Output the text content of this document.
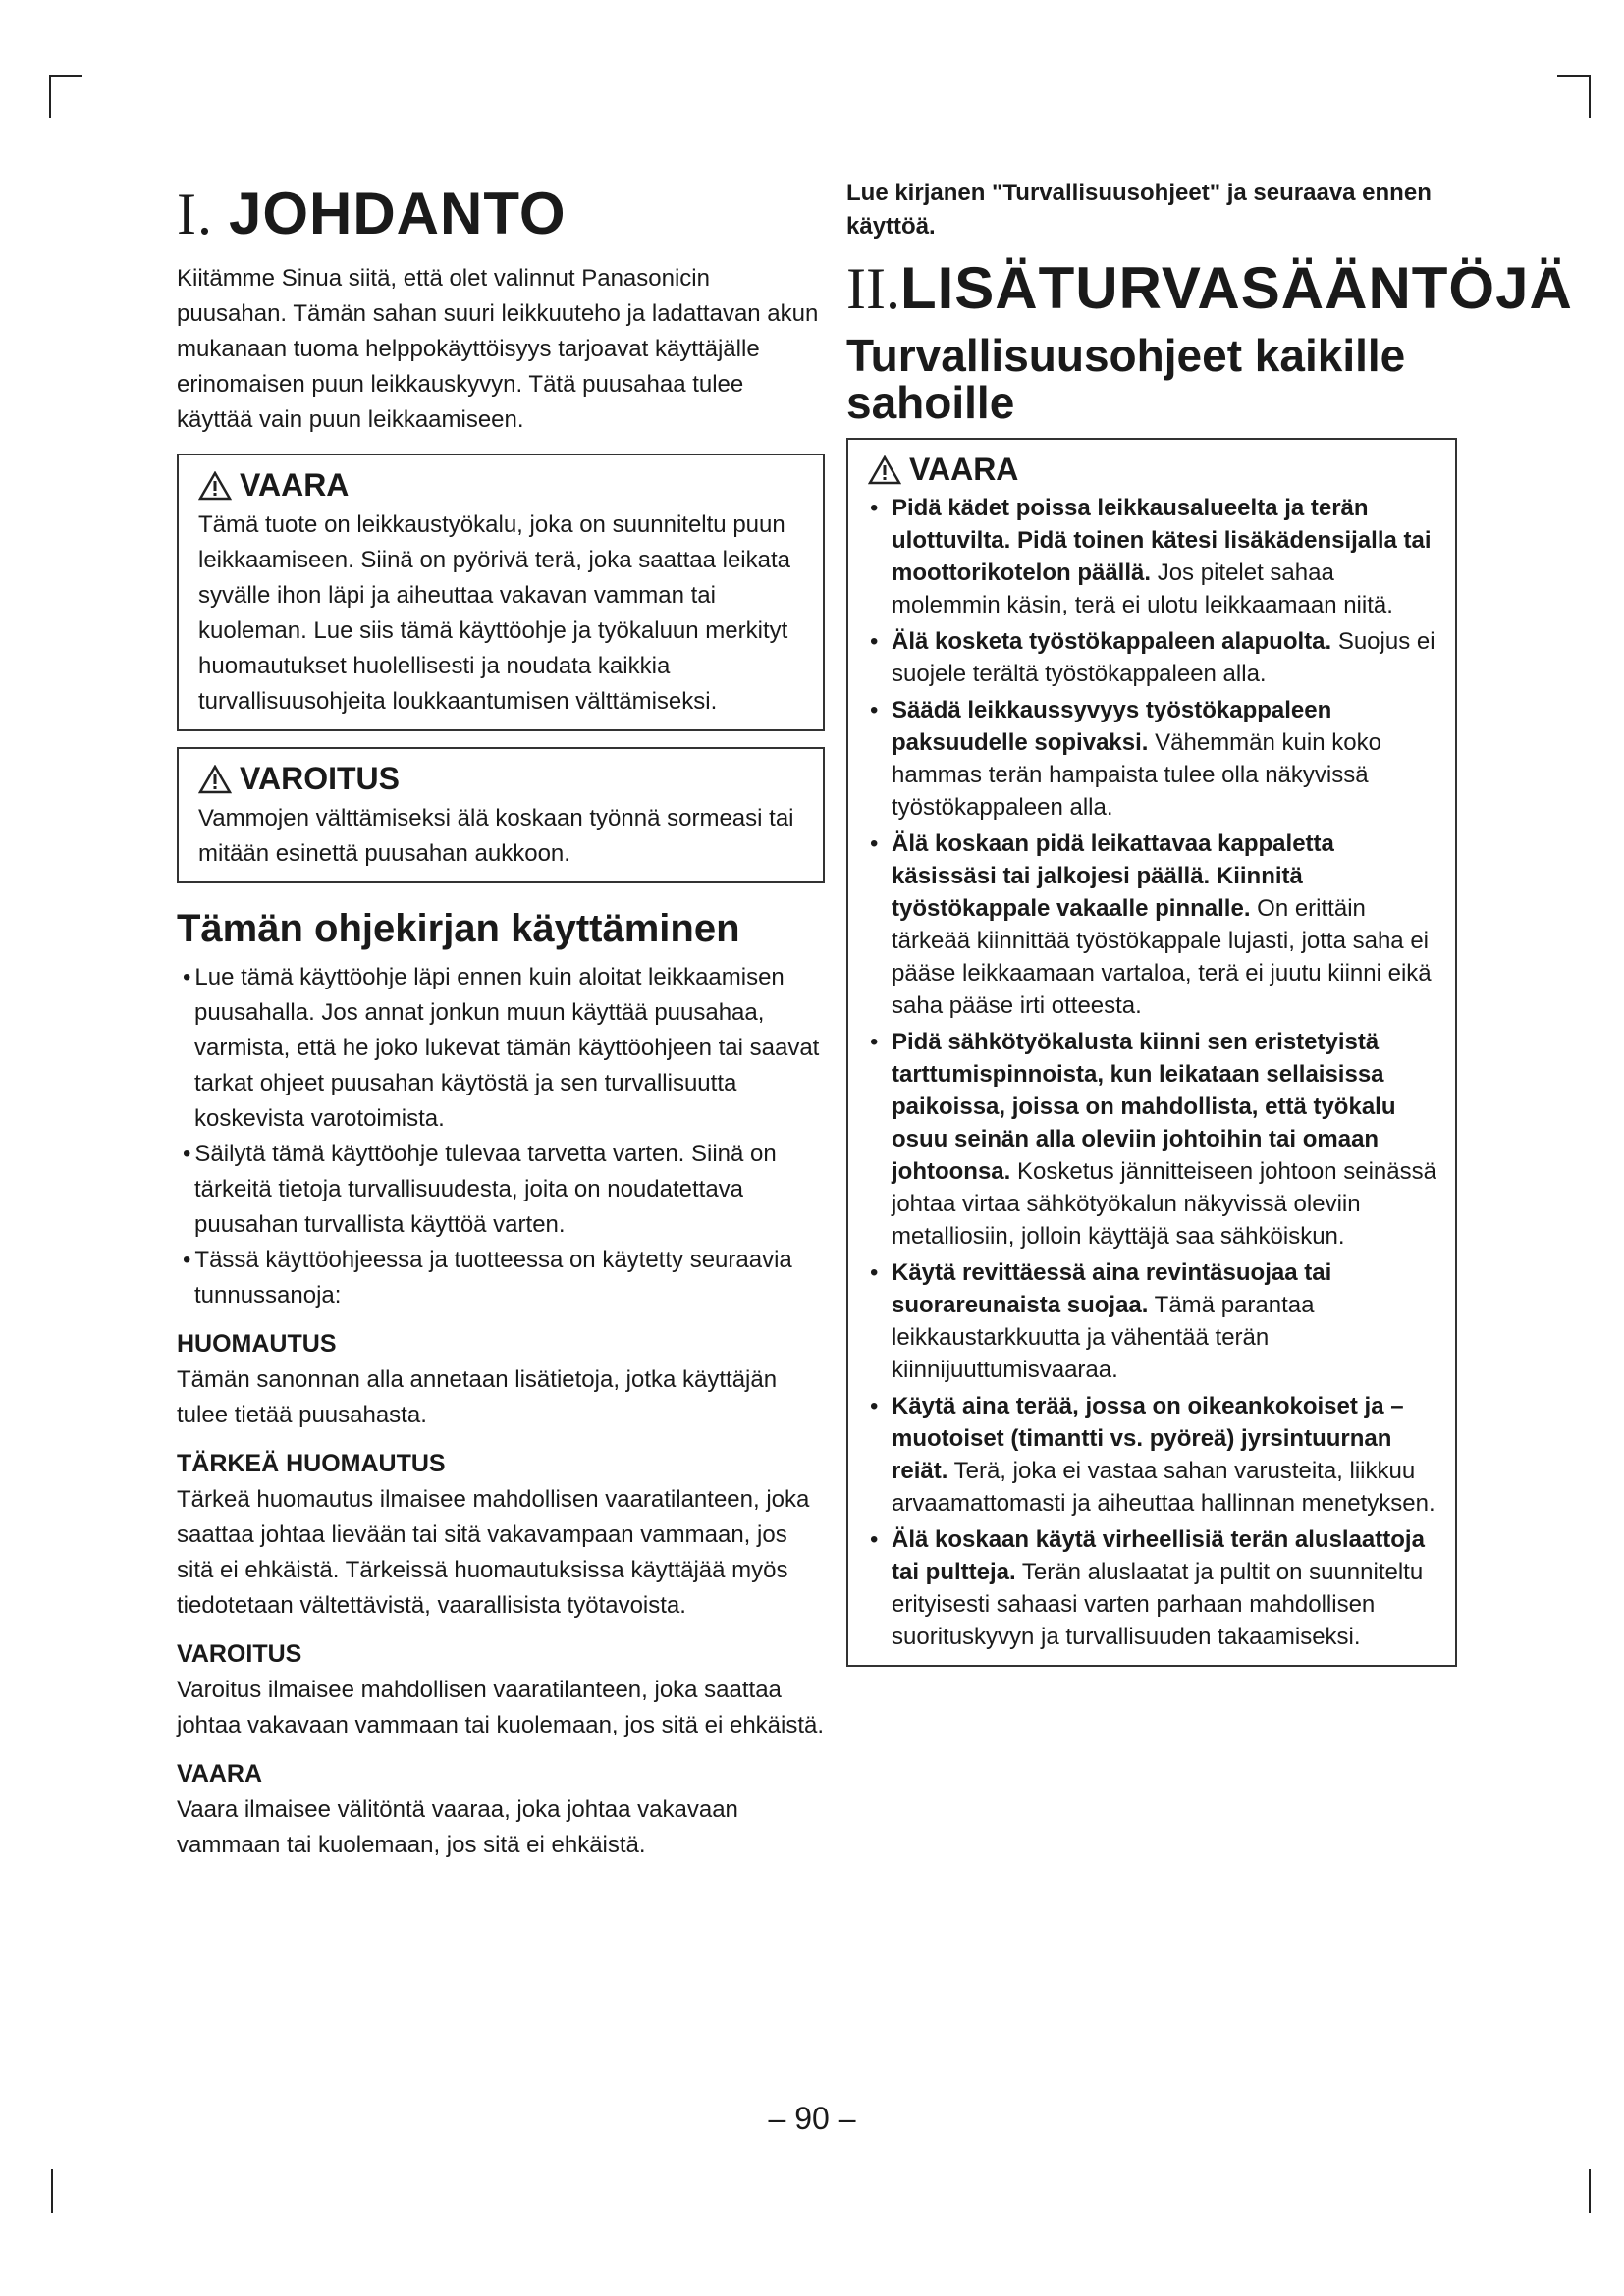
I. JOHDANTO

Kiitämme Sinua siitä, että olet valinnut Panasonicin puusahan. Tämän sahan suuri leikkuuteho ja ladattavan akun mukanaan tuoma helppokäyttöisyys tarjoavat käyttäjälle erinomaisen puun leikkauskyvyn. Tätä puusahaa tulee käyttää vain puun leikkaamiseen.

VAARA

Tämä tuote on leikkaustyökalu, joka on suunniteltu puun leikkaamiseen. Siinä on pyörivä terä, joka saattaa leikata syvälle ihon läpi ja aiheuttaa vakavan vamman tai kuoleman. Lue siis tämä käyttöohje ja työkaluun merkityt huomautukset huolellisesti ja noudata kaikkia turvallisuusohjeita loukkaantumisen välttämiseksi.

VAROITUS

Vammojen välttämiseksi älä koskaan työnnä sormeasi tai mitään esinettä puusahan aukkoon.

Tämän ohjekirjan käyttäminen
• Lue tämä käyttöohje läpi ennen kuin aloitat leikkaamisen puusahalla. Jos annat jonkun muun käyttää puusahaa, varmista, että he joko lukevat tämän käyttöohjeen tai saavat tarkat ohjeet puusahan käytöstä ja sen turvallisuutta koskevista varotoimista.
• Säilytä tämä käyttöohje tulevaa tarvetta varten. Siinä on tärkeitä tietoja turvallisuudesta, joita on noudatettava puusahan turvallista käyttöä varten.
• Tässä käyttöohjeessa ja tuotteessa on käytetty seuraavia tunnussanoja:
HUOMAUTUS

Tämän sanonnan alla annetaan lisätietoja, jotka käyttäjän tulee tietää puusahasta.

TÄRKEÄ HUOMAUTUS

Tärkeä huomautus ilmaisee mahdollisen vaaratilanteen, joka saattaa johtaa lievään tai sitä vakavampaan vammaan, jos sitä ei ehkäistä. Tärkeissä huomautuksissa käyttäjää myös tiedotetaan vältettävistä, vaarallisista työtavoista.

VAROITUS

Varoitus ilmaisee mahdollisen vaaratilanteen, joka saattaa johtaa vakavaan vammaan tai kuolemaan, jos sitä ei ehkäistä.

VAARA

Vaara ilmaisee välitöntä vaaraa, joka johtaa vakavaan vammaan tai kuolemaan, jos sitä ei ehkäistä.

Lue kirjanen "Turvallisuusohjeet" ja seuraava ennen käyttöä.

II.LISÄTURVASÄÄNTÖJÄ
Turvallisuusohjeet kaikille sahoille
VAARA
• Pidä kädet poissa leikkausalueelta ja terän ulottuvilta. Pidä toinen kätesi lisäkädensijalla tai moottorikotelon päällä. Jos pitelet sahaa molemmin käsin, terä ei ulotu leikkaamaan niitä.
• Älä kosketa työstökappaleen alapuolta. Suojus ei suojele terältä työstökappaleen alla.
• Säädä leikkaussyvyys työstökappaleen paksuudelle sopivaksi. Vähemmän kuin koko hammas terän hampaista tulee olla näkyvissä työstökappaleen alla.
• Älä koskaan pidä leikattavaa kappaletta käsissäsi tai jalkojesi päällä. Kiinnitä työstökappale vakaalle pinnalle. On erittäin tärkeää kiinnittää työstökappale lujasti, jotta saha ei pääse leikkaamaan vartaloa, terä ei juutu kiinni eikä saha pääse irti otteesta.
• Pidä sähkötyökalusta kiinni sen eristetyistä tarttumispinnoista, kun leikataan sellaisissa paikoissa, joissa on mahdollista, että työkalu osuu seinän alla oleviin johtoihin tai omaan johtoonsa. Kosketus jännitteiseen johtoon seinässä johtaa virtaa sähkötyökalun näkyvissä oleviin metalliosiin, jolloin käyttäjä saa sähköiskun.
• Käytä revittäessä aina revintäsuojaa tai suorareunaista suojaa. Tämä parantaa leikkaustarkkuutta ja vähentää terän kiinnijuuttumisvaaraa.
• Käytä aina terää, jossa on oikeankokoiset ja –muotoiset (timantti vs. pyöreä) jyrsintuurnan reiät. Terä, joka ei vastaa sahan varusteita, liikkuu arvaamattomasti ja aiheuttaa hallinnan menetyksen.
• Älä koskaan käytä virheellisiä terän aluslaattoja tai pultteja. Terän aluslaatat ja pultit on suunniteltu erityisesti sahaasi varten parhaan mahdollisen suorituskyvyn ja turvallisuuden takaamiseksi.
– 90 –
